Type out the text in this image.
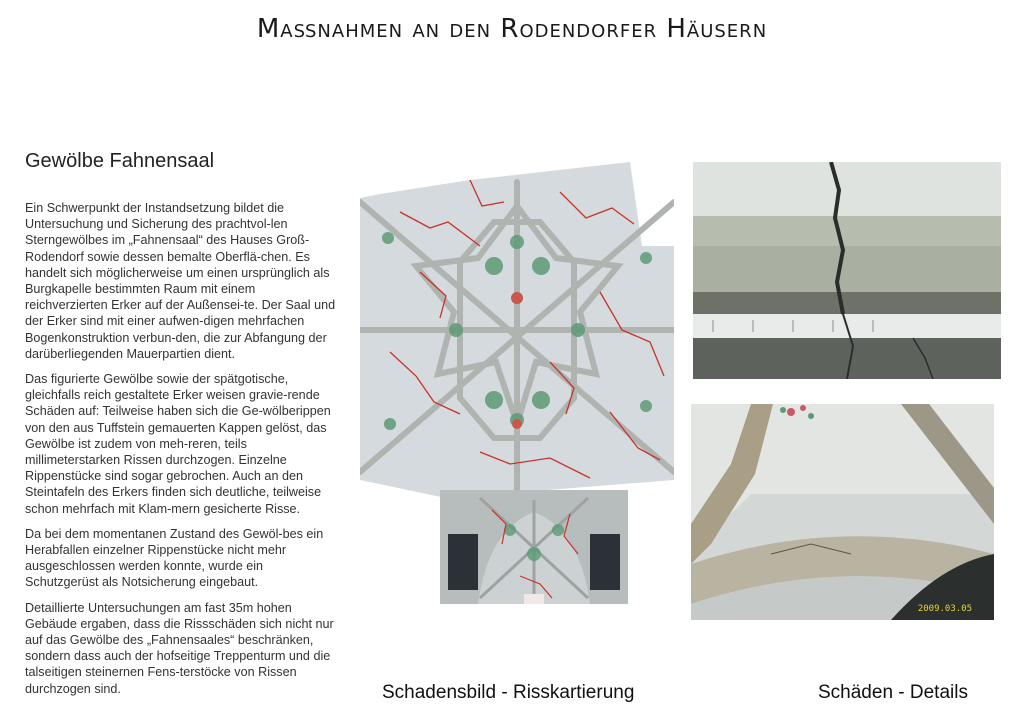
Maßnahmen an den Rodendorfer Häusern
Gewölbe Fahnensaal

Ein Schwerpunkt der Instandsetzung bildet die Untersuchung und Sicherung des prachtvol-len Sterngewölbes im „Fahnensaal“ des Hauses Groß-Rodendorf sowie dessen bemalte Oberflä-chen. Es handelt sich möglicherweise um einen ursprünglich als Burgkapelle bestimmten Raum mit einem reichverzierten Erker auf der Außensei-te. Der Saal und der Erker sind mit einer aufwen-digen mehrfachen Bogenkonstruktion verbun-den, die zur Abfangung der darüberliegenden Mauerpartien dient.

Das figurierte Gewölbe sowie der spätgotische, gleichfalls reich gestaltete Erker weisen gravie-rende Schäden auf: Teilweise haben sich die Ge-wölberippen von den aus Tuffstein gemauerten Kappen gelöst, das Gewölbe ist zudem von meh-reren, teils millimeterstarken Rissen durchzogen. Einzelne Rippenstücke sind sogar gebrochen. Auch an den Steintafeln des Erkers finden sich deutliche, teilweise schon mehrfach mit Klam-mern gesicherte Risse.

Da bei dem momentanen Zustand des Gewöl-bes ein Herabfallen einzelner Rippenstücke nicht mehr ausgeschlossen werden konnte, wurde ein Schutzgerüst als Notsicherung eingebaut.

Detaillierte Untersuchungen am fast 35m hohen Gebäude ergaben, dass die Rissschäden sich nicht nur auf das Gewölbe des „Fahnensaales“ beschränken, sondern dass auch der hofseitige Treppenturm und die talseitigen steinernen Fens-terstöcke von Rissen durchzogen sind.

2009.03.05
Schadensbild - Risskartierung	Schäden - Details
